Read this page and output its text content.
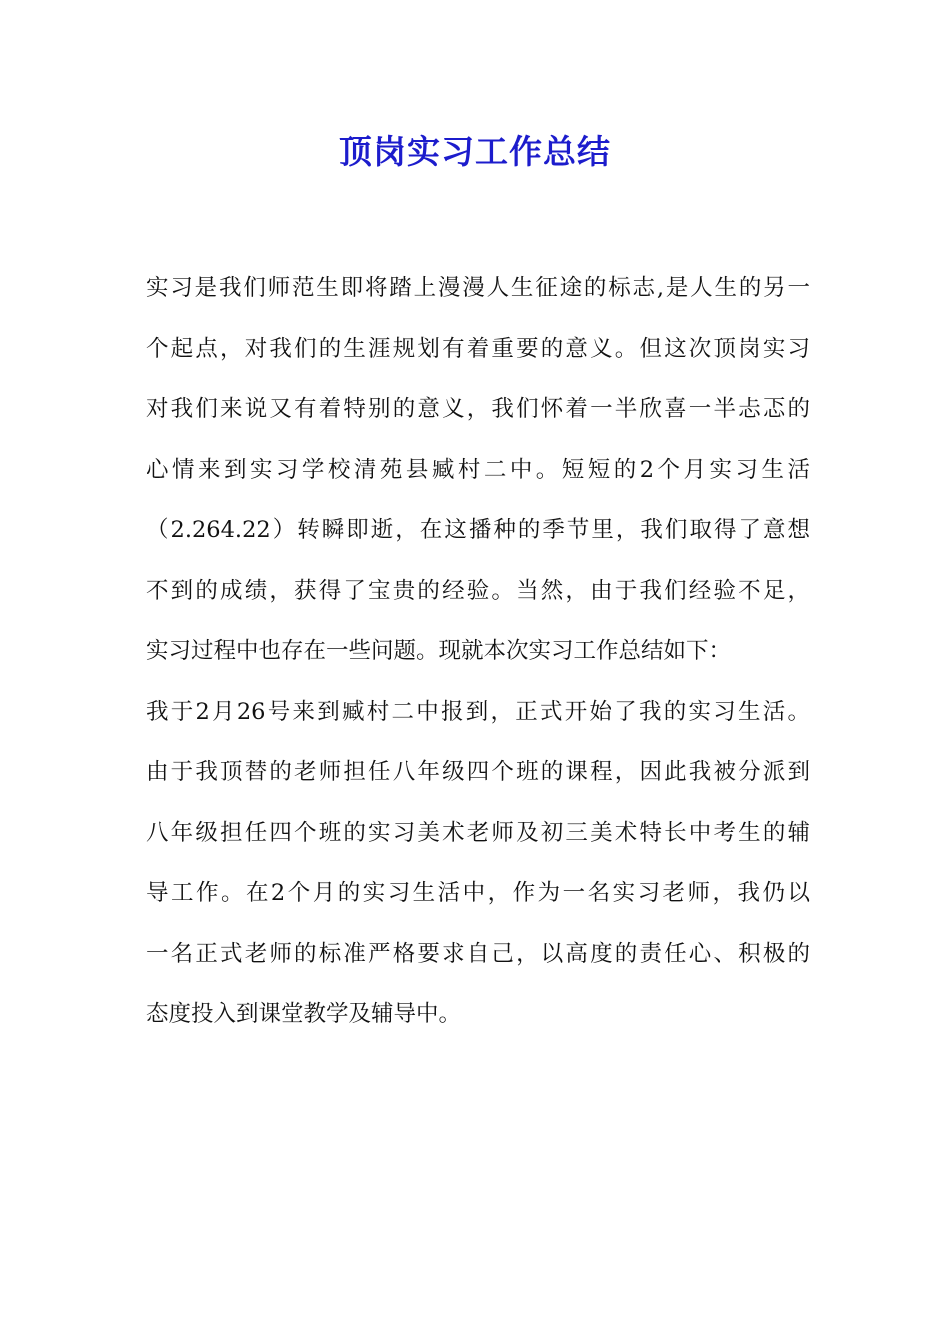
顶岗实习工作总结
实习是我们师范生即将踏上漫漫人生征途的标志,是人生的另一
个起点，对我们的生涯规划有着重要的意义。但这次顶岗实习
对我们来说又有着特别的意义，我们怀着一半欣喜一半忐忑的
心情来到实习学校清苑县臧村二中。短短的2个月实习生活
（2.264.22）转瞬即逝，在这播种的季节里，我们取得了意想
不到的成绩，获得了宝贵的经验。当然，由于我们经验不足，
实习过程中也存在一些问题。现就本次实习工作总结如下：
我于2月26号来到臧村二中报到，正式开始了我的实习生活。
由于我顶替的老师担任八年级四个班的课程，因此我被分派到
八年级担任四个班的实习美术老师及初三美术特长中考生的辅
导工作。在2个月的实习生活中，作为一名实习老师，我仍以
一名正式老师的标准严格要求自己，以高度的责任心、积极的
态度投入到课堂教学及辅导中。
